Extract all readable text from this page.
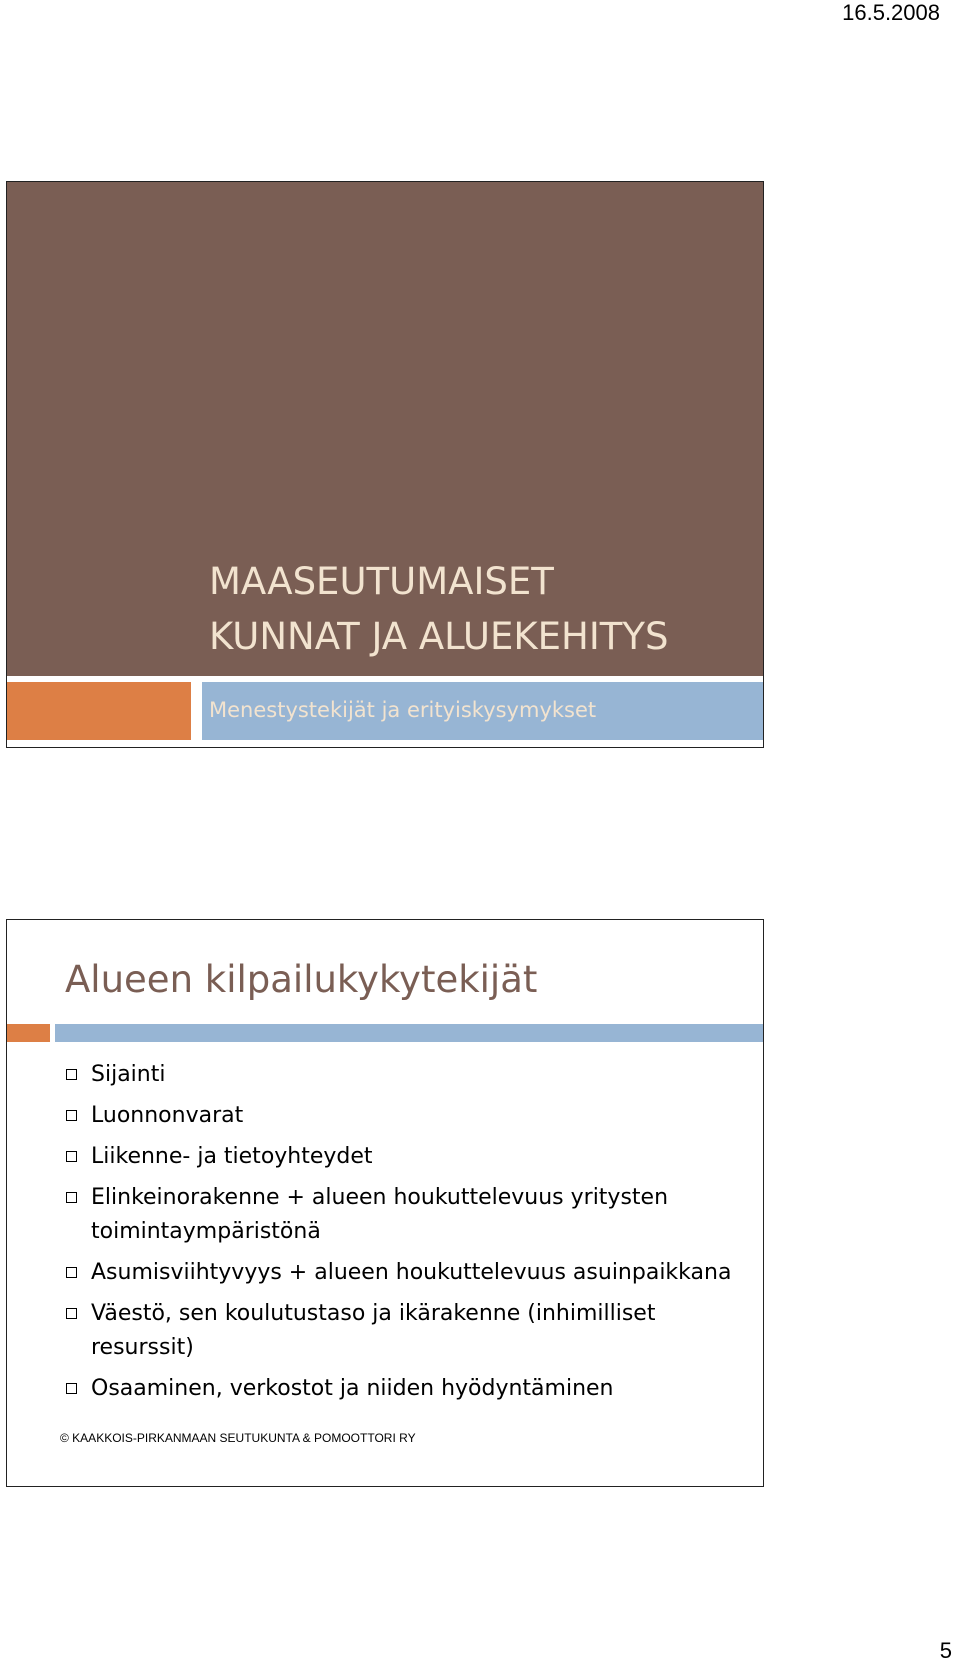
16.5.2008
MAASEUTUMAISET
KUNNAT JA ALUEKEHITYS
Menestystekijät ja erityiskysymykset
Alueen kilpailukykytekijät
Sijainti
Luonnonvarat
Liikenne- ja tietoyhteydet
Elinkeinorakenne + alueen houkuttelevuus yritysten toimintaympäristönä
Asumisviihtyvyys + alueen houkuttelevuus asuinpaikkana
Väestö, sen koulutustaso ja ikärakenne (inhimilliset resurssit)
Osaaminen, verkostot ja niiden hyödyntäminen
© KAAKKOIS-PIRKANMAAN SEUTUKUNTA & POMOOTTORI RY
5
